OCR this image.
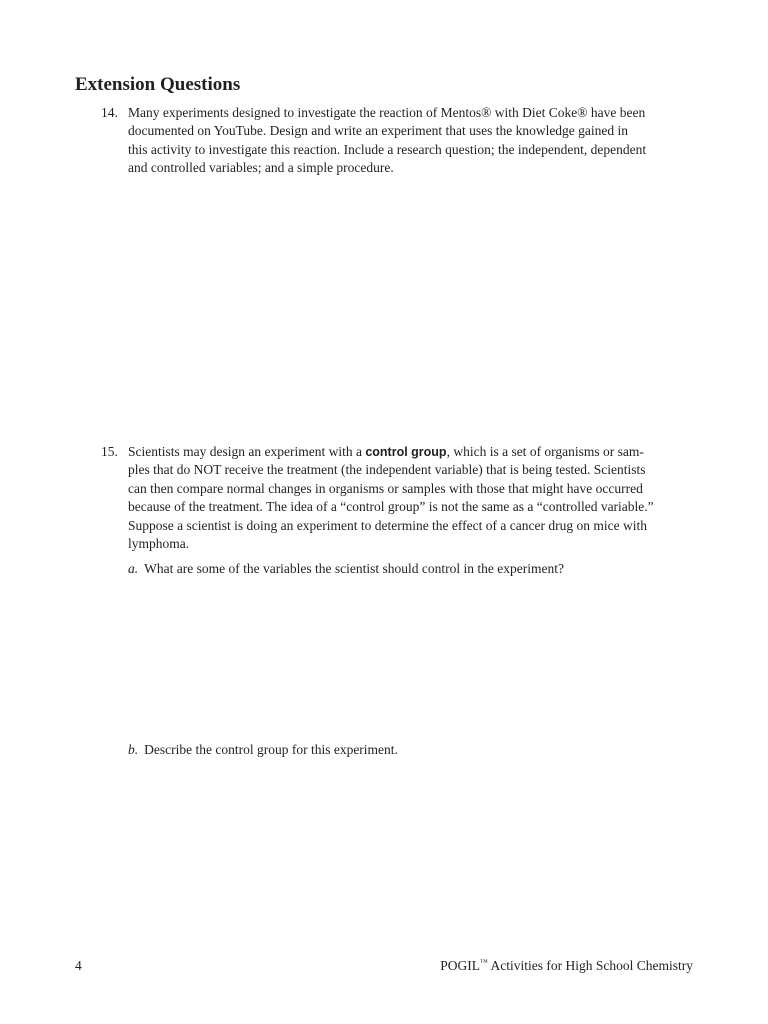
Extension Questions
14. Many experiments designed to investigate the reaction of Mentos® with Diet Coke® have been
documented on YouTube. Design and write an experiment that uses the knowledge gained in
this activity to investigate this reaction. Include a research question; the independent, dependent
and controlled variables; and a simple procedure.
15. Scientists may design an experiment with a control group, which is a set of organisms or sam-
ples that do NOT receive the treatment (the independent variable) that is being tested. Scientists
can then compare normal changes in organisms or samples with those that might have occurred
because of the treatment. The idea of a “control group” is not the same as a “controlled variable.”
Suppose a scientist is doing an experiment to determine the effect of a cancer drug on mice with
lymphoma.
a. What are some of the variables the scientist should control in the experiment?
b. Describe the control group for this experiment.
4	POGIL™ Activities for High School Chemistry
